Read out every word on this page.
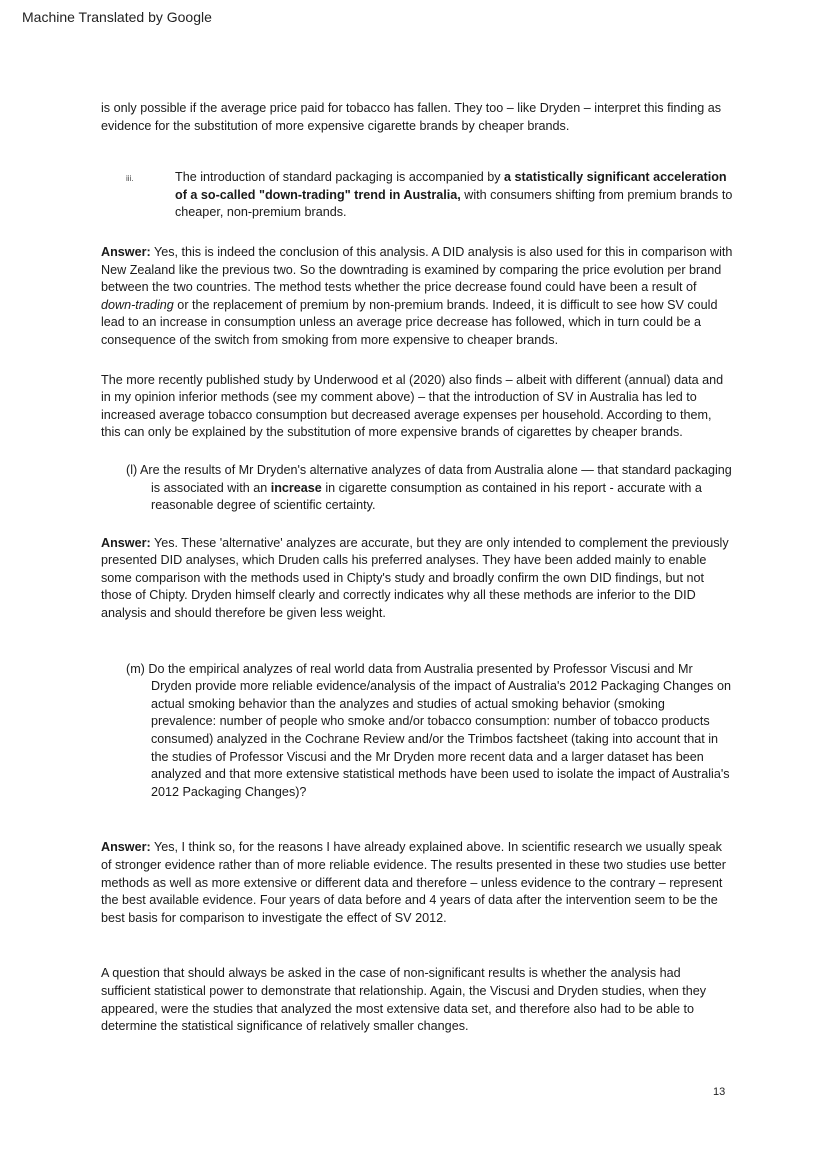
Machine Translated by Google

is only possible if the average price paid for tobacco has fallen. They too – like Dryden – interpret this finding as evidence for the substitution of more expensive cigarette brands by cheaper brands.

iii.	The introduction of standard packaging is accompanied by a statistically significant acceleration of a so-called "down-trading" trend in Australia, with consumers shifting from premium brands to cheaper, non-premium brands.

Answer: Yes, this is indeed the conclusion of this analysis. A DID analysis is also used for this in comparison with New Zealand like the previous two. So the downtrading is examined by comparing the price evolution per brand between the two countries. The method tests whether the price decrease found could have been a result of down-trading or the replacement of premium by non-premium brands. Indeed, it is difficult to see how SV could lead to an increase in consumption unless an average price decrease has followed, which in turn could be a consequence of the switch from smoking from more expensive to cheaper brands.

The more recently published study by Underwood et al (2020) also finds – albeit with different (annual) data and in my opinion inferior methods (see my comment above) – that the introduction of SV in Australia has led to increased average tobacco consumption but decreased average expenses per household. According to them, this can only be explained by the substitution of more expensive brands of cigarettes by cheaper brands.

(l) Are the results of Mr Dryden's alternative analyzes of data from Australia alone — that standard packaging is associated with an increase in cigarette consumption as contained in his report - accurate with a reasonable degree of scientific certainty.

Answer: Yes. These 'alternative' analyzes are accurate, but they are only intended to complement the previously presented DID analyses, which Druden calls his preferred analyses. They have been added mainly to enable some comparison with the methods used in Chipty's study and broadly confirm the own DID findings, but not those of Chipty. Dryden himself clearly and correctly indicates why all these methods are inferior to the DID analysis and should therefore be given less weight.

(m) Do the empirical analyzes of real world data from Australia presented by Professor Viscusi and Mr Dryden provide more reliable evidence/analysis of the impact of Australia's 2012 Packaging Changes on actual smoking behavior than the analyzes and studies of actual smoking behavior (smoking prevalence: number of people who smoke and/or tobacco consumption: number of tobacco products consumed) analyzed in the Cochrane Review and/or the Trimbos factsheet (taking into account that in the studies of Professor Viscusi and the Mr Dryden more recent data and a larger dataset has been analyzed and that more extensive statistical methods have been used to isolate the impact of Australia's 2012 Packaging Changes)?

Answer: Yes, I think so, for the reasons I have already explained above. In scientific research we usually speak of stronger evidence rather than of more reliable evidence. The results presented in these two studies use better methods as well as more extensive or different data and therefore – unless evidence to the contrary – represent the best available evidence. Four years of data before and 4 years of data after the intervention seem to be the best basis for comparison to investigate the effect of SV 2012.

A question that should always be asked in the case of non-significant results is whether the analysis had sufficient statistical power to demonstrate that relationship. Again, the Viscusi and Dryden studies, when they appeared, were the studies that analyzed the most extensive data set, and therefore also had to be able to determine the statistical significance of relatively smaller changes.

13
